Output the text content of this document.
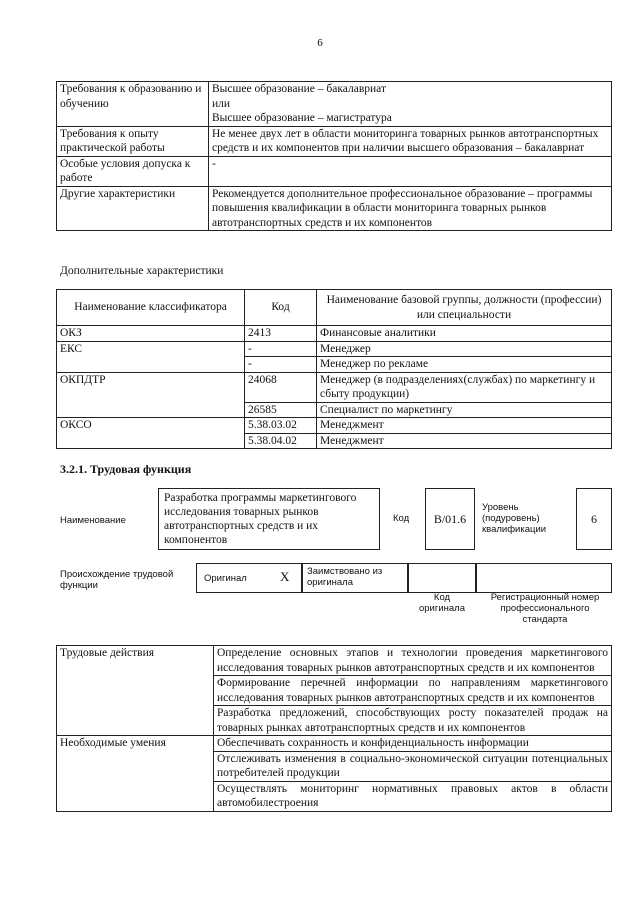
6
Требования к образованию и обучению	Высшее образование – бакалавриат
или
Высшее образование – магистратура

Требования к опыту практической работы	Не менее двух лет в области мониторинга товарных рынков автотранспортных средств и их компонентов при наличии высшего образования – бакалавриат
Особые условия допуска к работе	-
Другие характеристики	Рекомендуется дополнительное профессиональное образование – программы повышения квалификации в области мониторинга товарных рынков автотранспортных средств и их компонентов
Дополнительные характеристики
Наименование классификатора	Код	Наименование базовой группы, должности (профессии) или специальности
ОКЗ	2413	Финансовые аналитики
ЕКС	-	Менеджер
	-	Менеджер по рекламе
ОКПДТР	24068	Менеджер (в подразделениях(службах) по маркетингу и сбыту продукции)
	26585	Специалист по маркетингу
ОКСО	5.38.03.02	Менеджмент
	5.38.04.02	Менеджмент
3.2.1. Трудовая функция
Наименование
Разработка программы маркетингового исследования товарных рынков автотранспортных средств и их компонентов
Код	B/01.6
Уровень (подуровень) квалификации
6
Происхождение трудовой функции
Оригинал	X Заимствовано из оригинала
Код оригинала
Регистрационный номер профессионального стандарта
Трудовые действия	Определение основных этапов и технологии проведения маркетингового исследования товарных рынков автотранспортных средств и их компонентов
	Формирование перечней информации по направлениям маркетингового исследования товарных рынков автотранспортных средств и их компонентов
	Разработка предложений, способствующих росту показателей продаж на товарных рынках автотранспортных средств и их компонентов
Необходимые умения	Обеспечивать сохранность и конфиденциальность информации
	Отслеживать изменения в социально-экономической ситуации потенциальных потребителей продукции
	Осуществлять мониторинг нормативных правовых актов в области автомобилестроения
